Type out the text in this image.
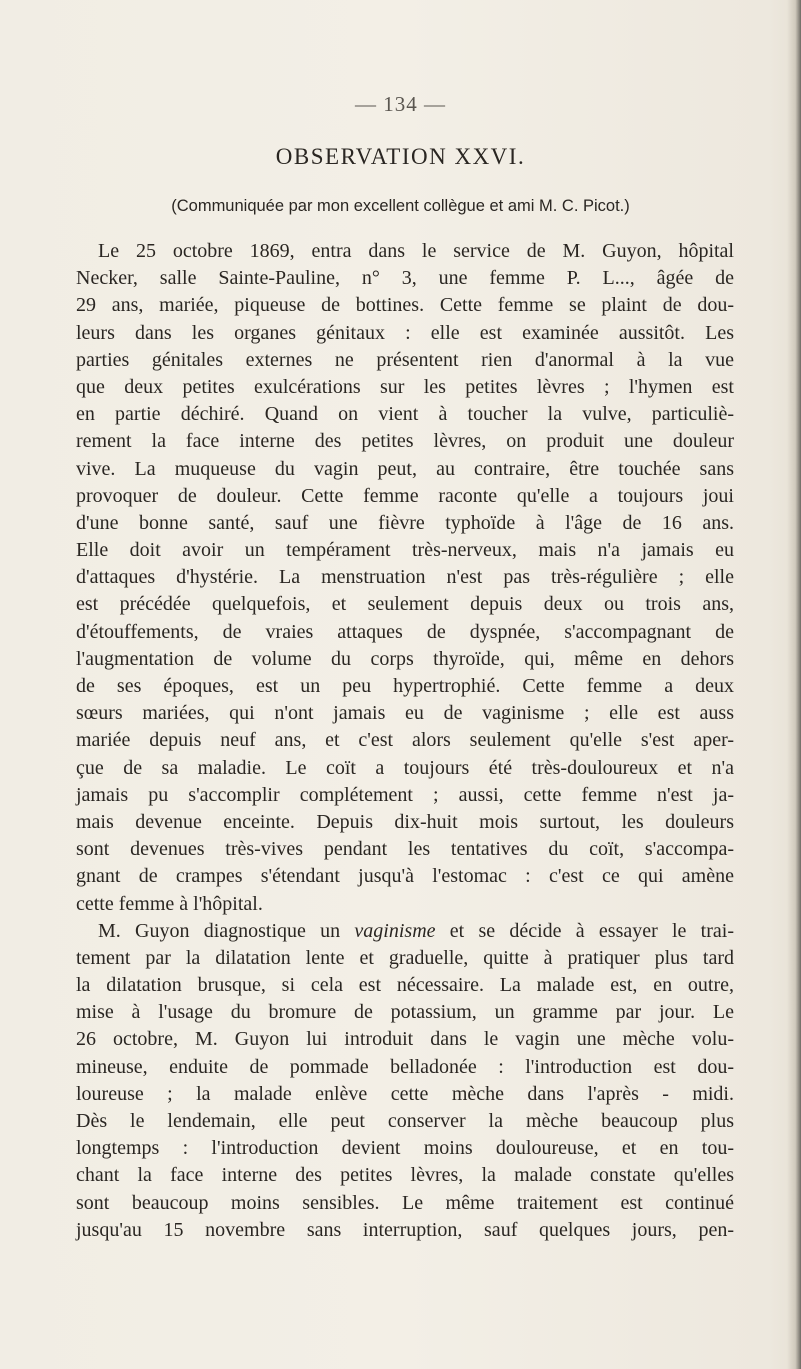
— 134 —
OBSERVATION XXVI.
(Communiquée par mon excellent collègue et ami M. C. Picot.)
Le 25 octobre 1869, entra dans le service de M. Guyon, hôpital
Necker, salle Sainte-Pauline, n° 3, une femme P. L..., âgée de
29 ans, mariée, piqueuse de bottines. Cette femme se plaint de dou-
leurs dans les organes génitaux : elle est examinée aussitôt. Les
parties génitales externes ne présentent rien d'anormal à la vue
que deux petites exulcérations sur les petites lèvres ; l'hymen est
en partie déchiré. Quand on vient à toucher la vulve, particuliè-
rement la face interne des petites lèvres, on produit une douleur
vive. La muqueuse du vagin peut, au contraire, être touchée sans
provoquer de douleur. Cette femme raconte qu'elle a toujours joui
d'une bonne santé, sauf une fièvre typhoïde à l'âge de 16 ans.
Elle doit avoir un tempérament très-nerveux, mais n'a jamais eu
d'attaques d'hystérie. La menstruation n'est pas très-régulière ; elle
est précédée quelquefois, et seulement depuis deux ou trois ans,
d'étouffements, de vraies attaques de dyspnée, s'accompagnant de
l'augmentation de volume du corps thyroïde, qui, même en dehors
de ses époques, est un peu hypertrophié. Cette femme a deux
sœurs mariées, qui n'ont jamais eu de vaginisme ; elle est auss
mariée depuis neuf ans, et c'est alors seulement qu'elle s'est aper-
çue de sa maladie. Le coït a toujours été très-douloureux et n'a
jamais pu s'accomplir complétement ; aussi, cette femme n'est ja-
mais devenue enceinte. Depuis dix-huit mois surtout, les douleurs
sont devenues très-vives pendant les tentatives du coït, s'accompa-
gnant de crampes s'étendant jusqu'à l'estomac : c'est ce qui amène
cette femme à l'hôpital.
M. Guyon diagnostique un vaginisme et se décide à essayer le trai-
tement par la dilatation lente et graduelle, quitte à pratiquer plus tard
la dilatation brusque, si cela est nécessaire. La malade est, en outre,
mise à l'usage du bromure de potassium, un gramme par jour. Le
26 octobre, M. Guyon lui introduit dans le vagin une mèche volu-
mineuse, enduite de pommade belladonée : l'introduction est dou-
loureuse ; la malade enlève cette mèche dans l'après - midi.
Dès le lendemain, elle peut conserver la mèche beaucoup plus
longtemps : l'introduction devient moins douloureuse, et en tou-
chant la face interne des petites lèvres, la malade constate qu'elles
sont beaucoup moins sensibles. Le même traitement est continué
jusqu'au 15 novembre sans interruption, sauf quelques jours, pen-
